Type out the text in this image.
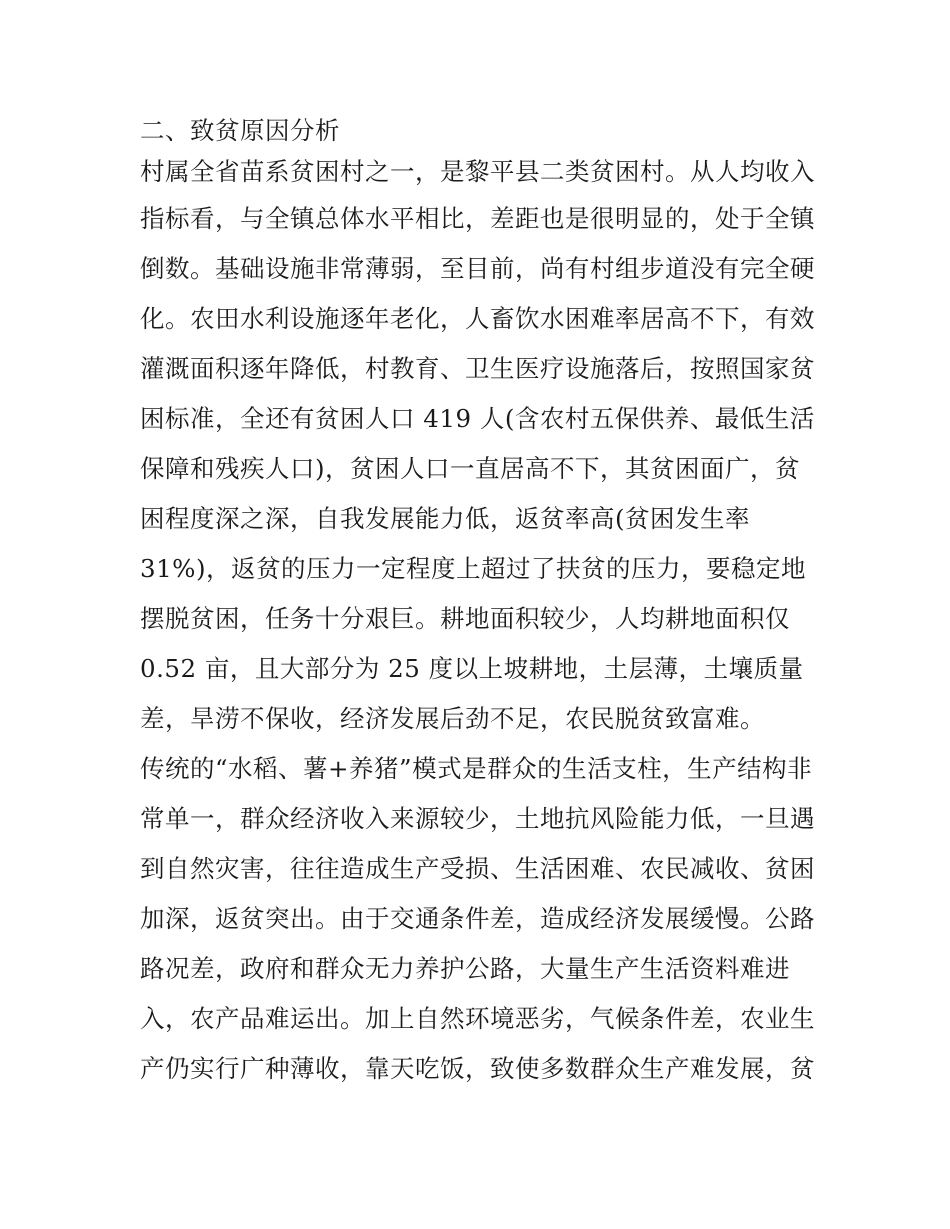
二、致贫原因分析
村属全省苗系贫困村之一，是黎平县二类贫困村。从人均收入
指标看，与全镇总体水平相比，差距也是很明显的，处于全镇
倒数。基础设施非常薄弱，至目前，尚有村组步道没有完全硬
化。农田水利设施逐年老化，人畜饮水困难率居高不下，有效
灌溉面积逐年降低，村教育、卫生医疗设施落后，按照国家贫
困标准，全还有贫困人口 419 人(含农村五保供养、最低生活
保障和残疾人口)，贫困人口一直居高不下，其贫困面广，贫
困程度深之深，自我发展能力低，返贫率高(贫困发生率
31%)，返贫的压力一定程度上超过了扶贫的压力，要稳定地
摆脱贫困，任务十分艰巨。耕地面积较少，人均耕地面积仅
0.52 亩，且大部分为 25 度以上坡耕地，土层薄，土壤质量
差，旱涝不保收，经济发展后劲不足，农民脱贫致富难。
传统的“水稻、薯+养猪”模式是群众的生活支柱，生产结构非
常单一，群众经济收入来源较少，土地抗风险能力低，一旦遇
到自然灾害，往往造成生产受损、生活困难、农民减收、贫困
加深，返贫突出。由于交通条件差，造成经济发展缓慢。公路
路况差，政府和群众无力养护公路，大量生产生活资料难进
入，农产品难运出。加上自然环境恶劣，气候条件差，农业生
产仍实行广种薄收，靠天吃饭，致使多数群众生产难发展，贫
